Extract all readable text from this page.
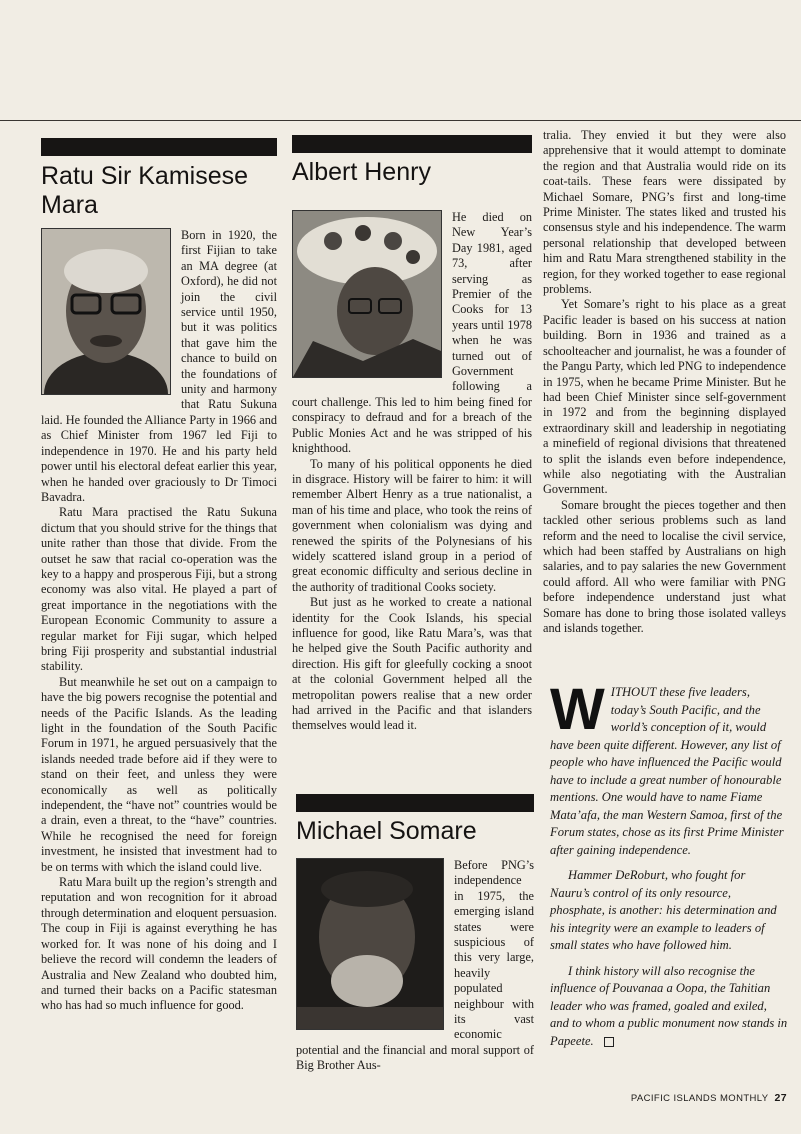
Ratu Sir Kamisese Mara

Born in 1920, the first Fijian to take an MA degree (at Oxford), he did not join the civil service until 1950, but it was politics that gave him the chance to build on the foundations of unity and harmony that Ratu Sukuna laid. He founded the Alliance Party in 1966 and as Chief Minister from 1967 led Fiji to independence in 1970. He and his party held power until his electoral defeat earlier this year, when he handed over graciously to Dr Timoci Bavadra.

Ratu Mara practised the Ratu Sukuna dictum that you should strive for the things that unite rather than those that divide. From the outset he saw that racial co-operation was the key to a happy and prosperous Fiji, but a strong economy was also vital. He played a part of great importance in the negotiations with the European Economic Community to assure a regular market for Fiji sugar, which helped bring Fiji prosperity and substantial industrial stability.

But meanwhile he set out on a campaign to have the big powers recognise the potential and needs of the Pacific Islands. As the leading light in the foundation of the South Pacific Forum in 1971, he argued persuasively that the islands needed trade before aid if they were to stand on their feet, and unless they were economically as well as politically independent, the “have not” countries would be a drain, even a threat, to the “have” countries. While he recognised the need for foreign investment, he insisted that investment had to be on terms with which the island could live.

Ratu Mara built up the region’s strength and reputation and won recognition for it abroad through determination and eloquent persuasion. The coup in Fiji is against everything he has worked for. It was none of his doing and I believe the record will condemn the leaders of Australia and New Zealand who doubted him, and turned their backs on a Pacific statesman who has had so much influence for good.

Albert Henry

He died on New Year’s Day 1981, aged 73, after serving as Premier of the Cooks for 13 years until 1978 when he was turned out of Government following a court challenge. This led to him being fined for conspiracy to defraud and for a breach of the Public Monies Act and he was stripped of his knighthood.

To many of his political opponents he died in disgrace. History will be fairer to him: it will remember Albert Henry as a true nationalist, a man of his time and place, who took the reins of government when colonialism was dying and renewed the spirits of the Polynesians of his widely scattered island group in a period of great economic difficulty and serious decline in the authority of traditional Cooks society.

But just as he worked to create a national identity for the Cook Islands, his special influence for good, like Ratu Mara’s, was that he helped give the South Pacific authority and direction. His gift for gleefully cocking a snoot at the colonial Government helped all the metropolitan powers realise that a new order had arrived in the Pacific and that islanders themselves would lead it.

Michael Somare

Before PNG’s independence in 1975, the emerging island states were suspicious of this very large, heavily populated neighbour with its vast economic potential and the financial and moral support of Big Brother Aus-

tralia. They envied it but they were also apprehensive that it would attempt to dominate the region and that Australia would ride on its coat-tails. These fears were dissipated by Michael Somare, PNG’s first and long-time Prime Minister. The states liked and trusted his consensus style and his independence. The warm personal relationship that developed between him and Ratu Mara strengthened stability in the region, for they worked together to ease regional problems.

Yet Somare’s right to his place as a great Pacific leader is based on his success at nation building. Born in 1936 and trained as a schoolteacher and journalist, he was a founder of the Pangu Party, which led PNG to independence in 1975, when he became Prime Minister. But he had been Chief Minister since self-government in 1972 and from the beginning displayed extraordinary skill and leadership in negotiating a minefield of regional divisions that threatened to split the islands even before independence, while also negotiating with the Australian Government.

Somare brought the pieces together and then tackled other serious problems such as land reform and the need to localise the civil service, which had been staffed by Australians on high salaries, and to pay salaries the new Government could afford. All who were familiar with PNG before independence understand just what Somare has done to bring those isolated valleys and islands together.

WITHOUT these five leaders, today’s South Pacific, and the world’s conception of it, would have been quite different. However, any list of people who have influenced the Pacific would have to include a great number of honourable mentions. One would have to name Fiame Mata’afa, the man Western Samoa, first of the Forum states, chose as its first Prime Minister after gaining independence.

Hammer DeRoburt, who fought for Nauru’s control of its only resource, phosphate, is another: his determination and his integrity were an example to leaders of small states who have followed him.

I think history will also recognise the influence of Pouvanaa a Oopa, the Tahitian leader who was framed, goaled and exiled, and to whom a public monument now stands in Papeete.

PACIFIC ISLANDS MONTHLY 27
